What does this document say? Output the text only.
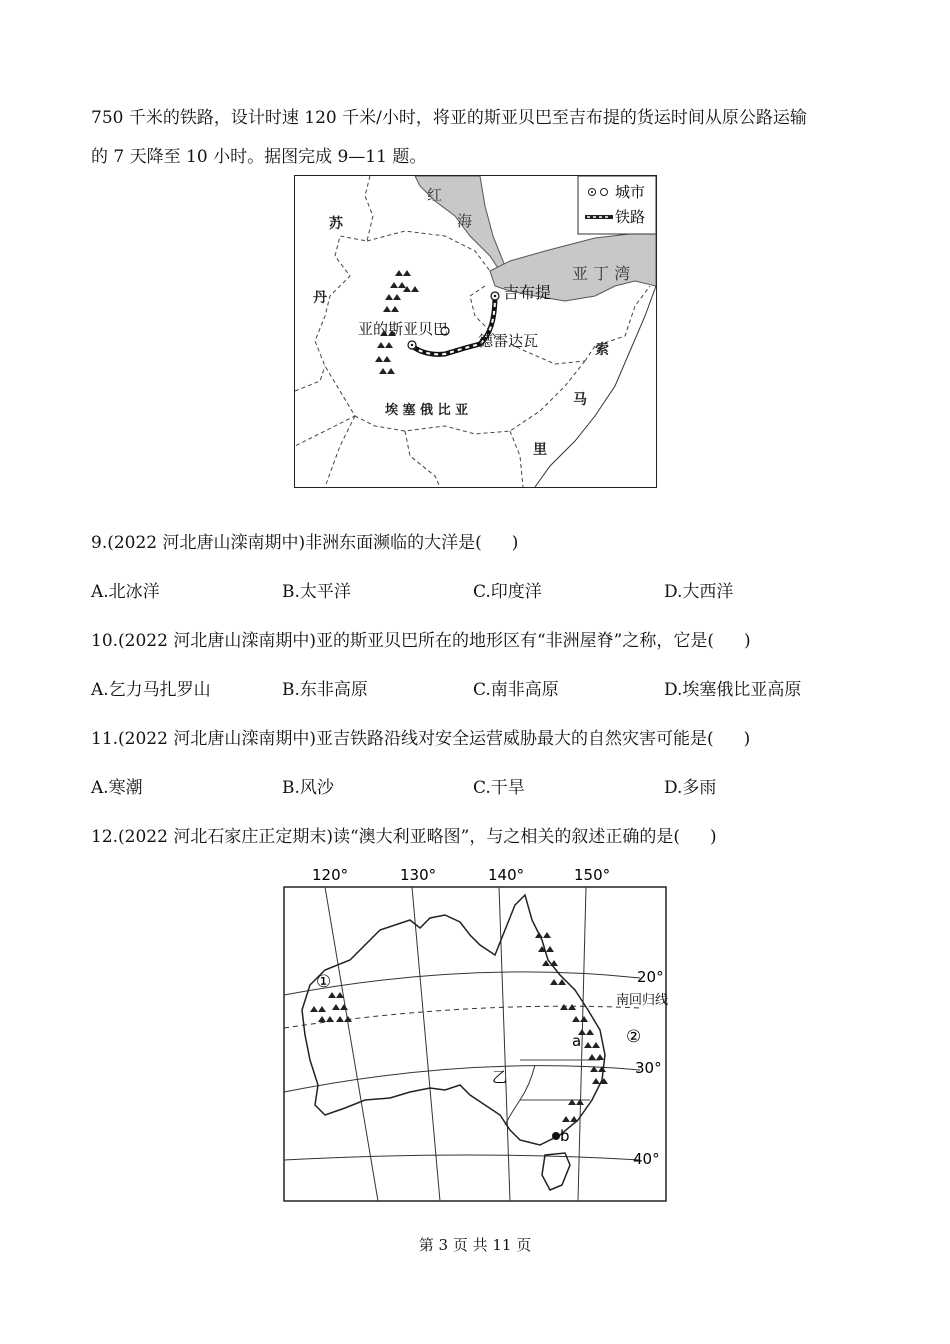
750 千米的铁路，设计时速 120 千米/小时，将亚的斯亚贝巴至吉布提的货运时间从原公路运输
的 7 天降至 10 小时。据图完成 9—11 题。
城市
铁路
红
海
亚 丁 湾
吉布提
亚的斯亚贝巴
德雷达瓦
苏
丹
埃 塞 俄 比 亚
索
马
里
9.(2022 河北唐山滦南期中)非洲东面濒临的大洋是( )
A.北冰洋	B.太平洋	C.印度洋	D.大西洋
10.(2022 河北唐山滦南期中)亚的斯亚贝巴所在的地形区有“非洲屋脊”之称，它是( )
A.乞力马扎罗山	B.东非高原	C.南非高原	D.埃塞俄比亚高原
11.(2022 河北唐山滦南期中)亚吉铁路沿线对安全运营威胁最大的自然灾害可能是( )
A.寒潮	B.风沙	C.干旱	D.多雨
12.(2022 河北石家庄正定期末)读“澳大利亚略图”，与之相关的叙述正确的是( )
120°	130°	140°	150°
20°
30°
40°
南回归线
①
②
a
乙
b
第 3 页 共 11 页
